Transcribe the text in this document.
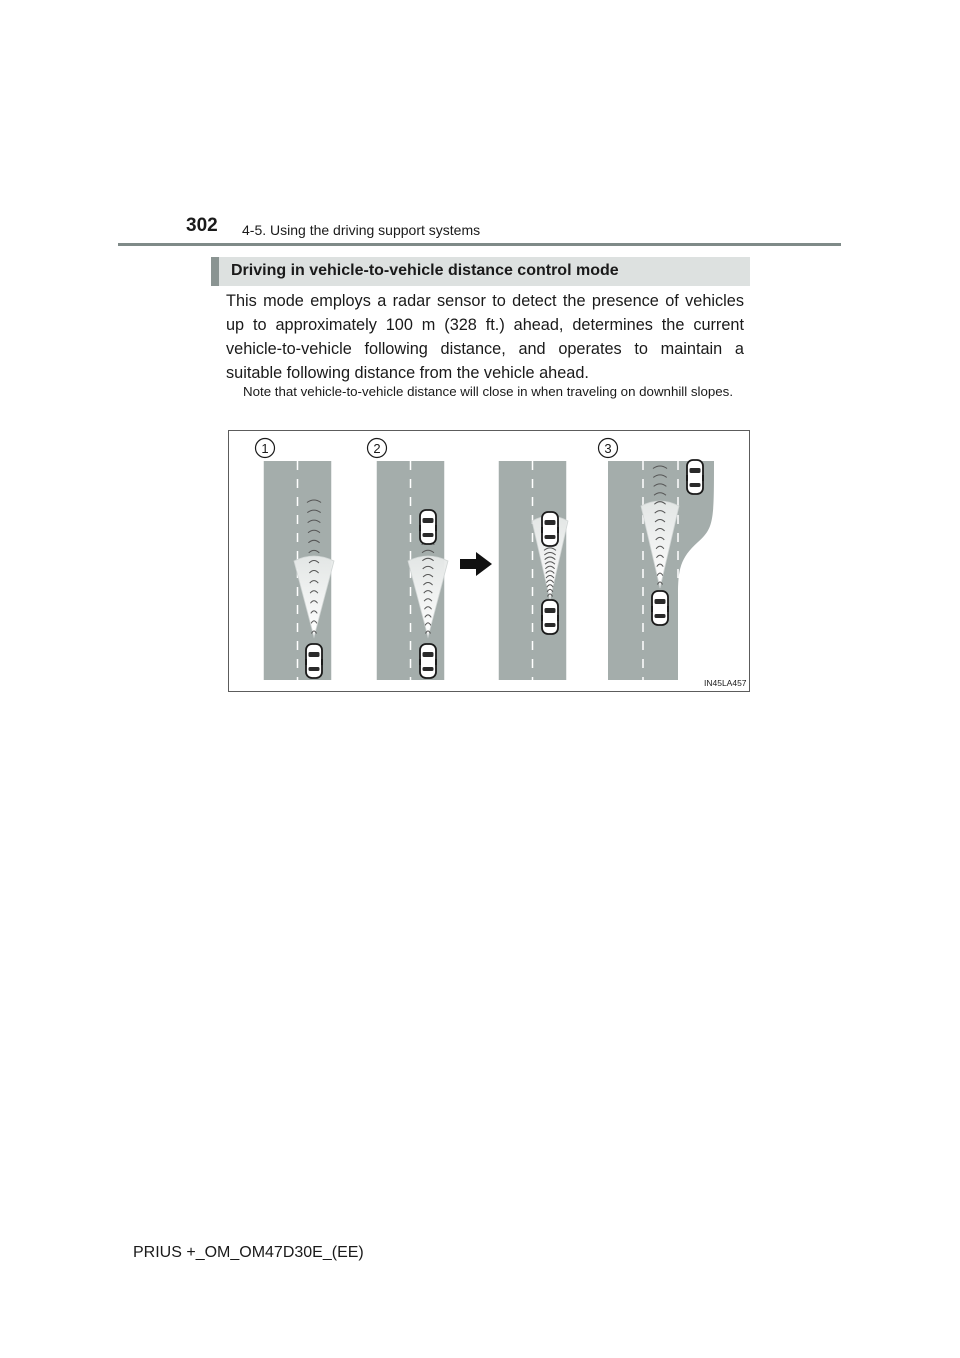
302 4-5. Using the driving support systems
Driving in vehicle-to-vehicle distance control mode
This mode employs a radar sensor to detect the presence of vehicles up to approximately 100 m (328 ft.) ahead, determines the current vehicle-to-vehicle following distance, and operates to maintain a suitable following distance from the vehicle ahead.
Note that vehicle-to-vehicle distance will close in when traveling on downhill slopes.
1	2	3
IN45LA457
PRIUS +_OM_OM47D30E_(EE)
